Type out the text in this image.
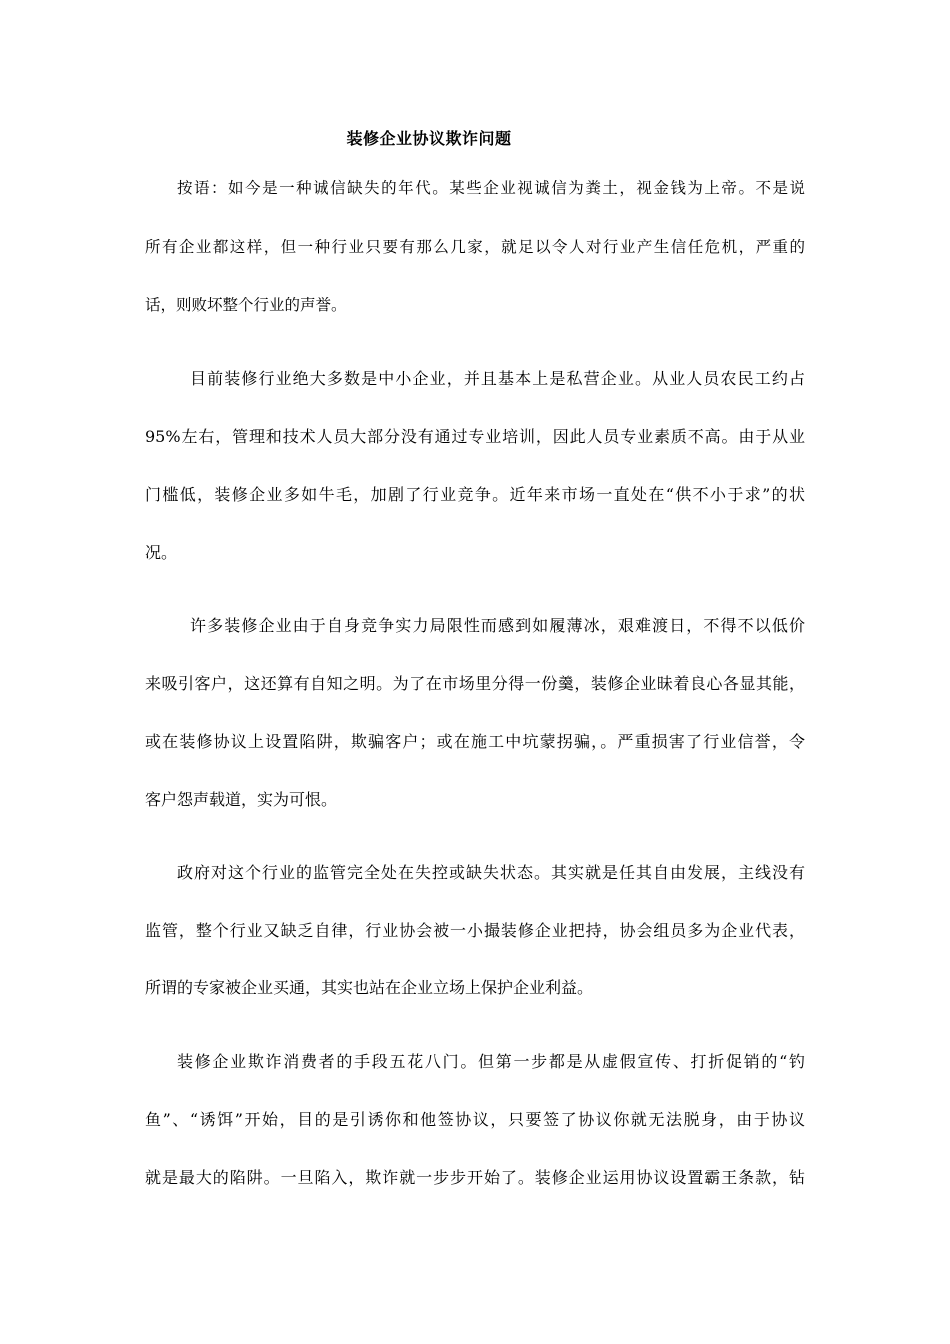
装修企业协议欺诈问题
按语：如今是一种诚信缺失的年代。某些企业视诚信为粪土，视金钱为上帝。不是说
所有企业都这样，但一种行业只要有那么几家，就足以令人对行业产生信任危机，严重的
话，则败坏整个行业的声誉。
目前装修行业绝大多数是中小企业，并且基本上是私营企业。从业人员农民工约占
95%左右，管理和技术人员大部分没有通过专业培训，因此人员专业素质不高。由于从业
门槛低，装修企业多如牛毛，加剧了行业竞争。近年来市场一直处在“供不小于求”的状
况。
许多装修企业由于自身竞争实力局限性而感到如履薄冰，艰难渡日，不得不以低价
来吸引客户，这还算有自知之明。为了在市场里分得一份羹，装修企业昧着良心各显其能，
或在装修协议上设置陷阱，欺骗客户；或在施工中坑蒙拐骗，。严重损害了行业信誉，令
客户怨声载道，实为可恨。
政府对这个行业的监管完全处在失控或缺失状态。其实就是任其自由发展，主线没有
监管，整个行业又缺乏自律，行业协会被一小撮装修企业把持，协会组员多为企业代表，
所谓的专家被企业买通，其实也站在企业立场上保护企业利益。
装修企业欺诈消费者的手段五花八门。但第一步都是从虚假宣传、打折促销的“钓
鱼”、“诱饵”开始，目的是引诱你和他签协议，只要签了协议你就无法脱身，由于协议
就是最大的陷阱。一旦陷入，欺诈就一步步开始了。装修企业运用协议设置霸王条款，钻
